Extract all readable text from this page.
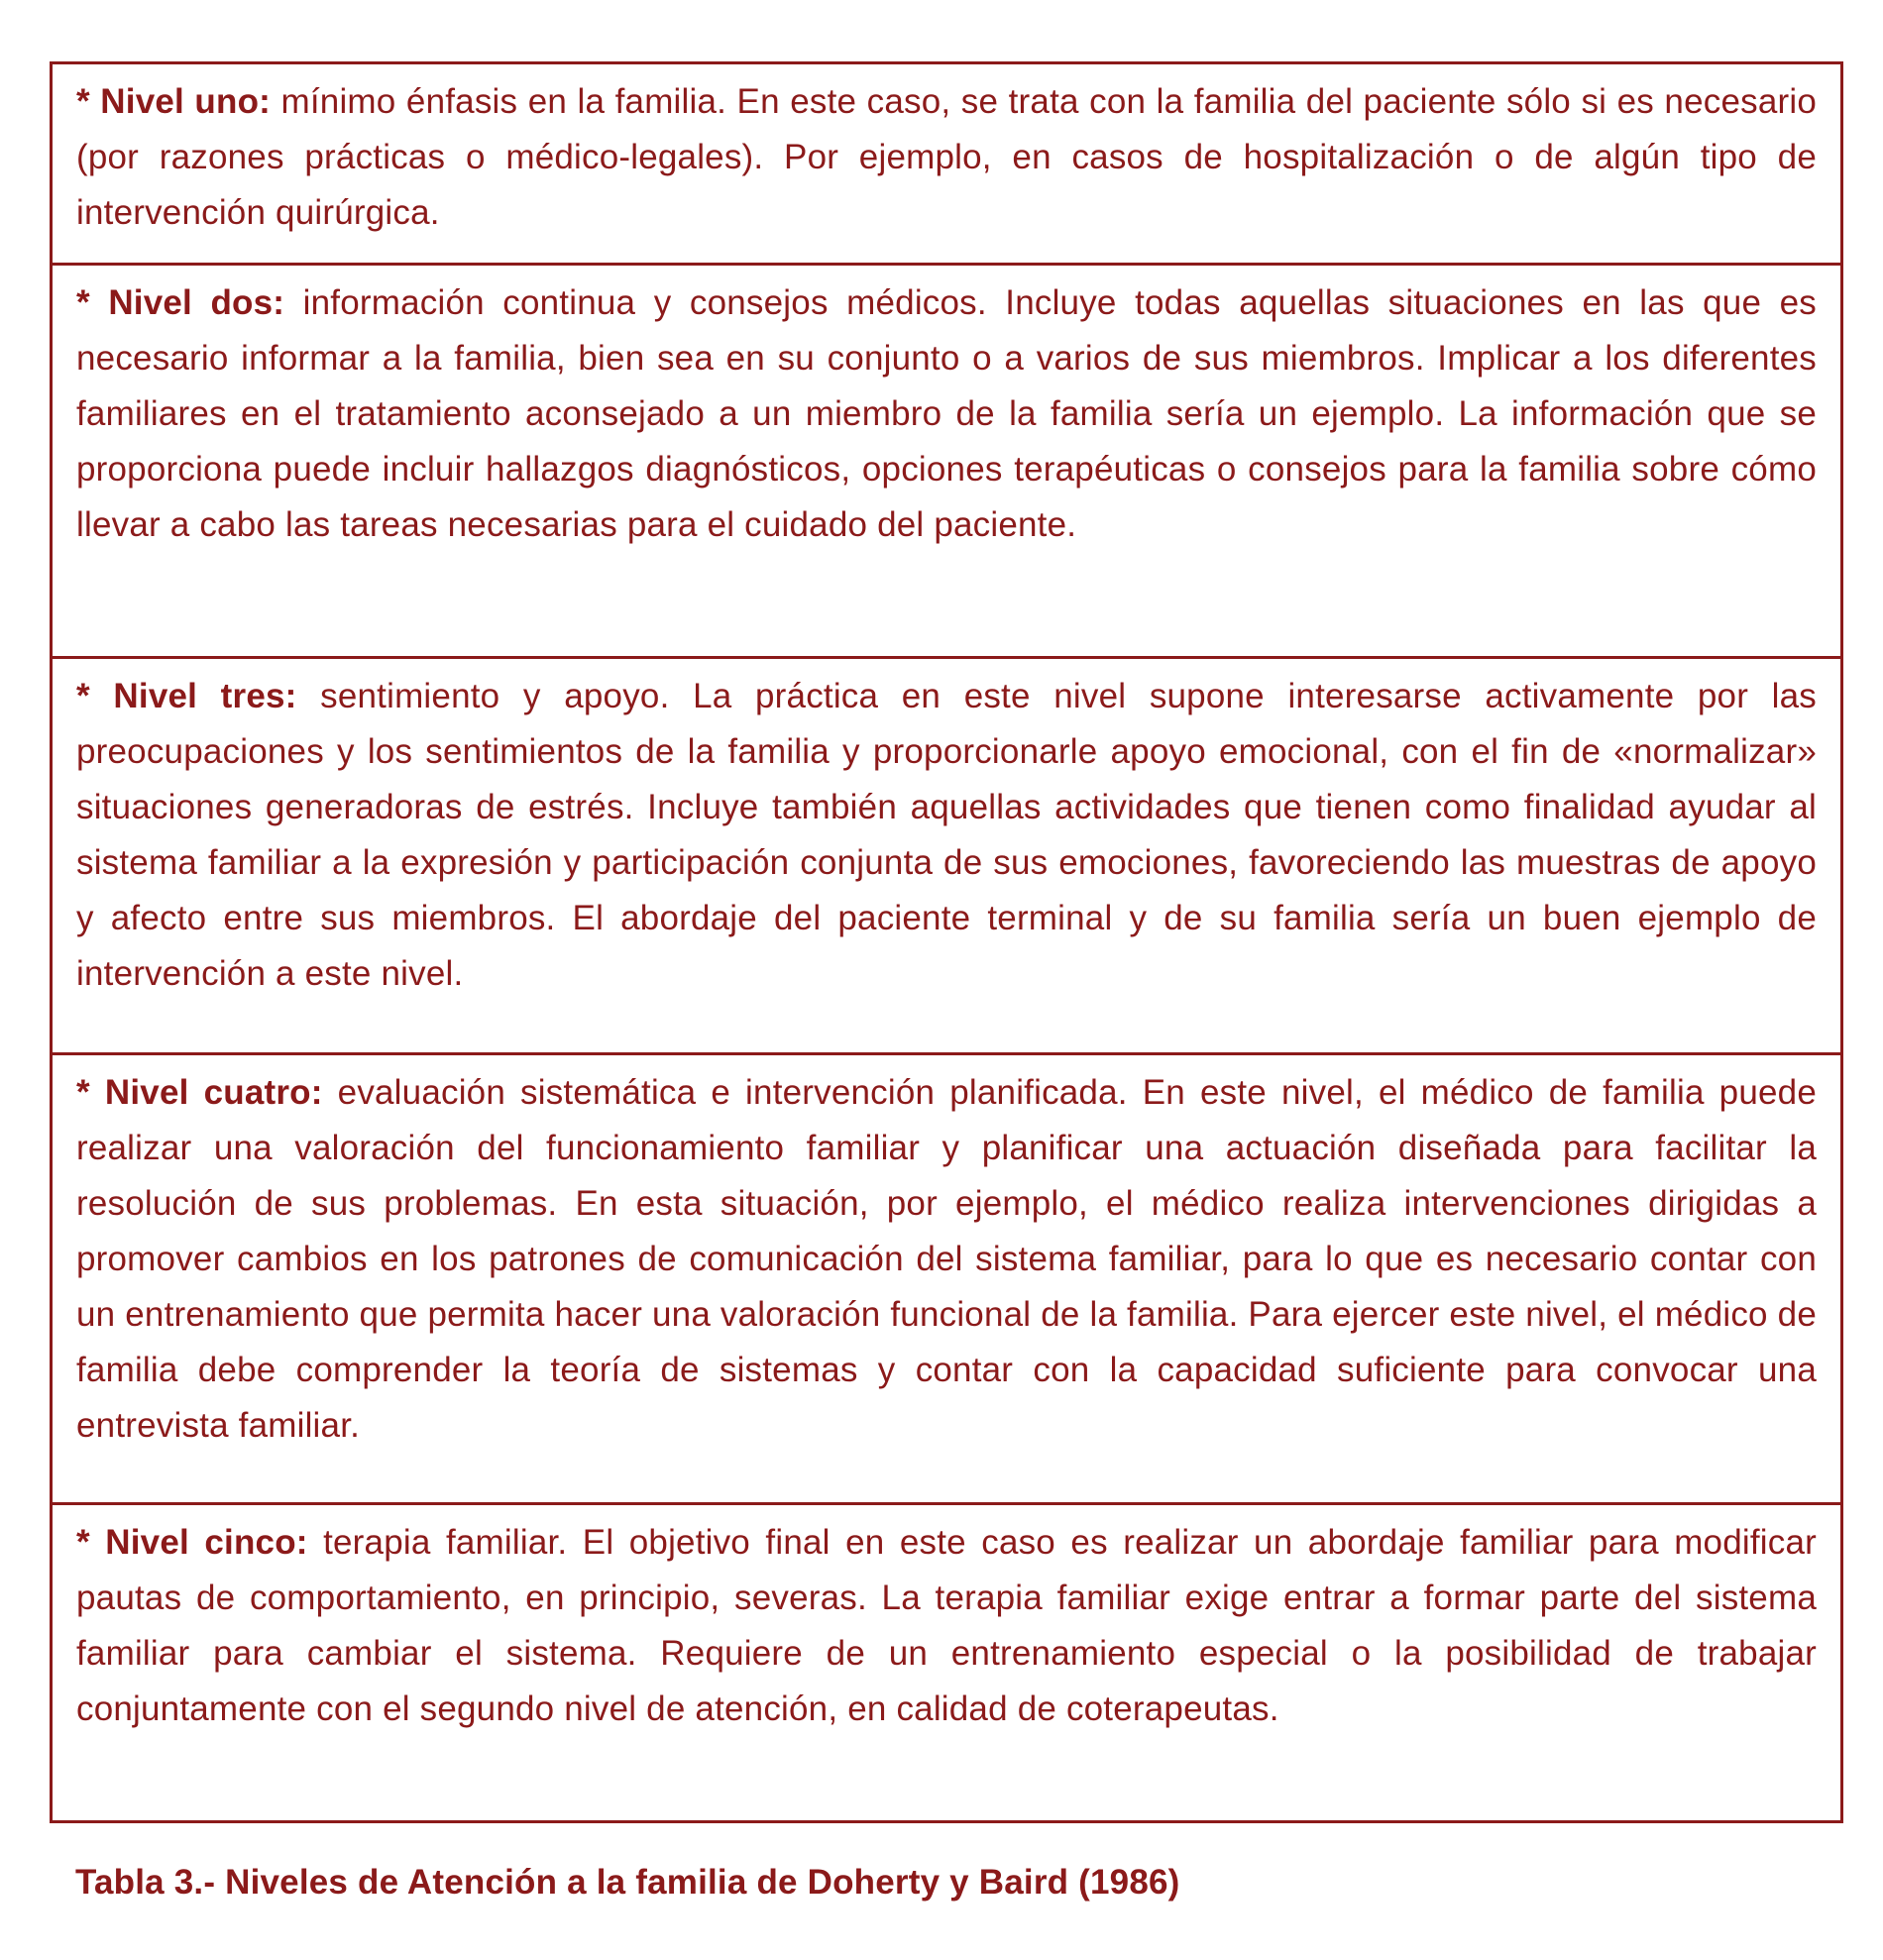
* Nivel uno: mínimo énfasis en la familia. En este caso, se trata con la familia del paciente sólo si es necesario (por razones prácticas o médico-legales). Por ejemplo, en casos de hospitalización o de algún tipo de intervención quirúrgica.
* Nivel dos: información continua y consejos médicos. Incluye todas aquellas situaciones en las que es necesario informar a la familia, bien sea en su conjunto o a varios de sus miembros. Implicar a los diferentes familiares en el tratamiento aconsejado a un miembro de la familia sería un ejemplo. La información que se proporciona puede incluir hallazgos diagnósticos, opciones terapéuticas o consejos para la familia sobre cómo llevar a cabo las tareas necesarias para el cuidado del paciente.
* Nivel tres: sentimiento y apoyo. La práctica en este nivel supone interesarse activamente por las preocupaciones y los sentimientos de la familia y proporcionarle apoyo emocional, con el fin de «normalizar» situaciones generadoras de estrés. Incluye también aquellas actividades que tienen como finalidad ayudar al sistema familiar a la expresión y participación conjunta de sus emociones, favoreciendo las muestras de apoyo y afecto entre sus miembros. El abordaje del paciente terminal y de su familia sería un buen ejemplo de intervención a este nivel.
* Nivel cuatro: evaluación sistemática e intervención planificada. En este nivel, el médico de familia puede realizar una valoración del funcionamiento familiar y planificar una actuación diseñada para facilitar la resolución de sus problemas. En esta situación, por ejemplo, el médico realiza intervenciones dirigidas a promover cambios en los patrones de comunicación del sistema familiar, para lo que es necesario contar con un entrenamiento que permita hacer una valoración funcional de la familia. Para ejercer este nivel, el médico de familia debe comprender la teoría de sistemas y contar con la capacidad suficiente para convocar una entrevista familiar.
* Nivel cinco: terapia familiar. El objetivo final en este caso es realizar un abordaje familiar para modificar pautas de comportamiento, en principio, severas. La terapia familiar exige entrar a formar parte del sistema familiar para cambiar el sistema. Requiere de un entrenamiento especial o la posibilidad de trabajar conjuntamente con el segundo nivel de atención, en calidad de coterapeutas.
Tabla 3.- Niveles de Atención a la familia de Doherty y Baird (1986)
